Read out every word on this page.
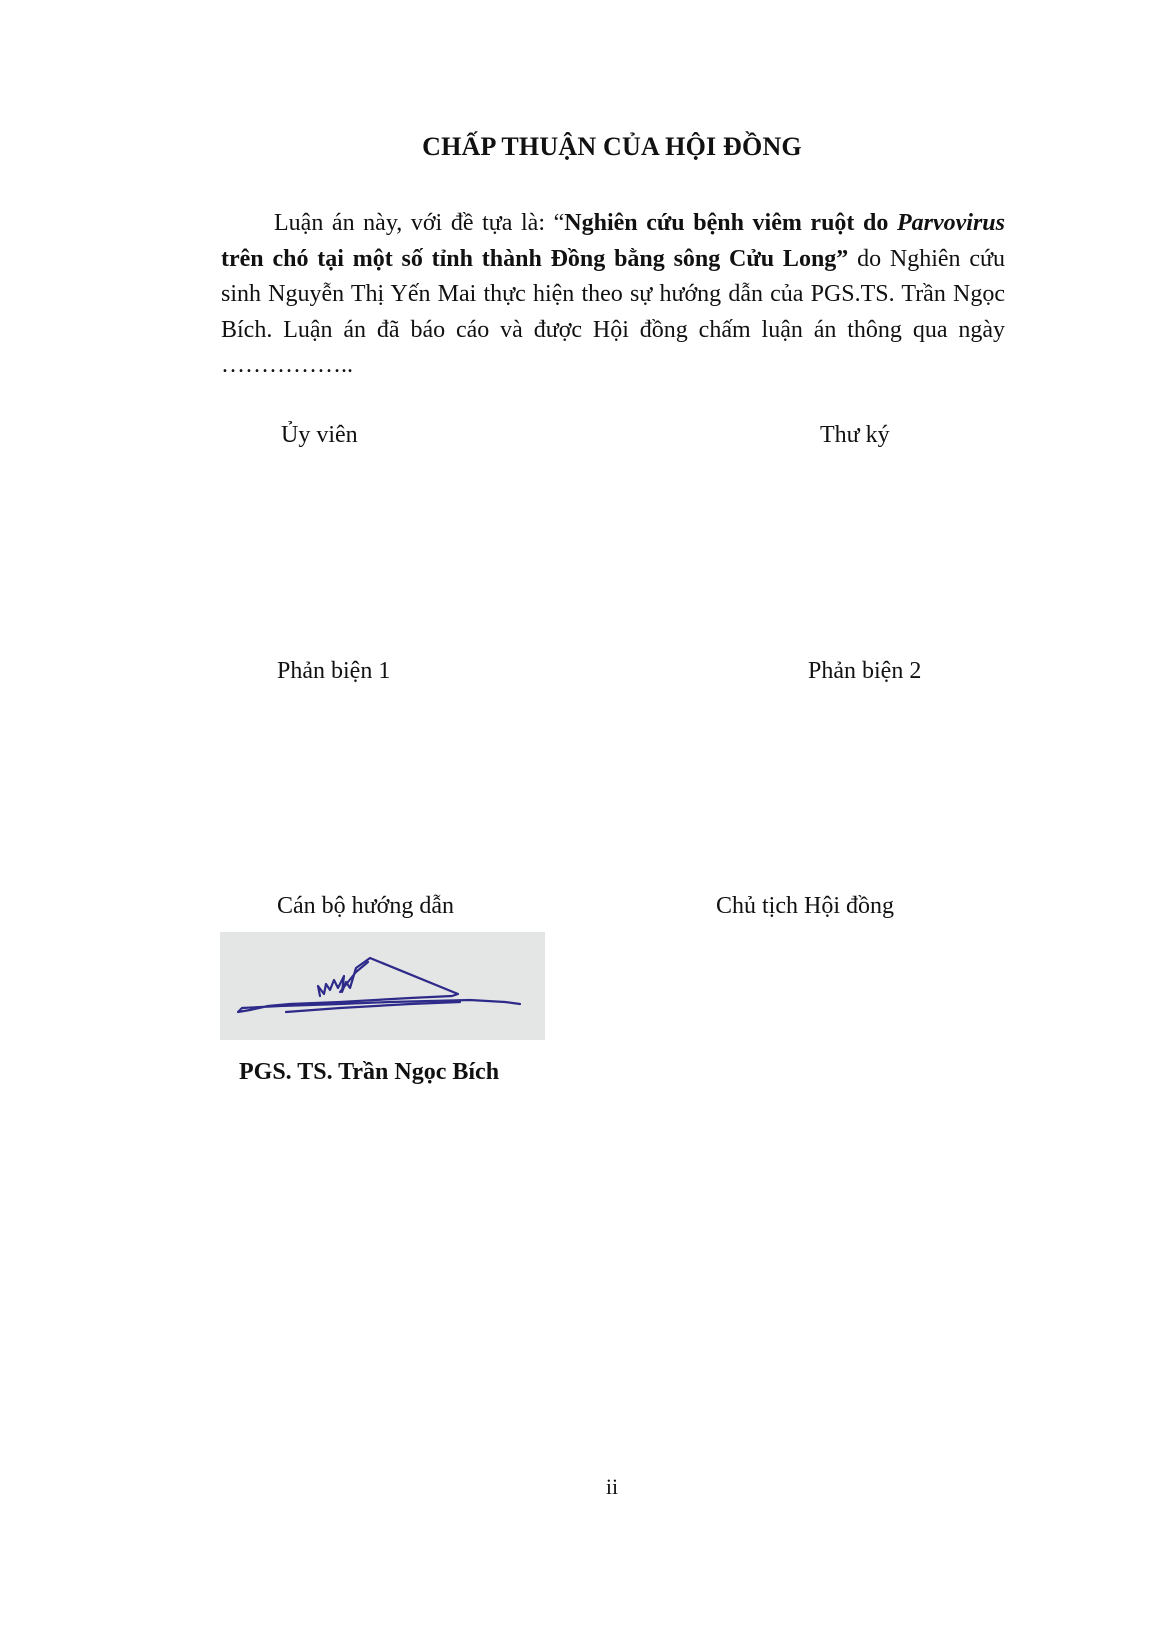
CHẤP THUẬN CỦA HỘI ĐỒNG

Luận án này, với đề tựa là: “Nghiên cứu bệnh viêm ruột do Parvovirus trên chó tại một số tỉnh thành Đồng bằng sông Cửu Long” do Nghiên cứu sinh Nguyễn Thị Yến Mai thực hiện theo sự hướng dẫn của PGS.TS. Trần Ngọc Bích. Luận án đã báo cáo và được Hội đồng chấm luận án thông qua ngày ……………..

Ủy viên	Thư ký
Phản biện 1	Phản biện 2
Cán bộ hướng dẫn	Chủ tịch Hội đồng
PGS. TS. Trần Ngọc Bích
ii
